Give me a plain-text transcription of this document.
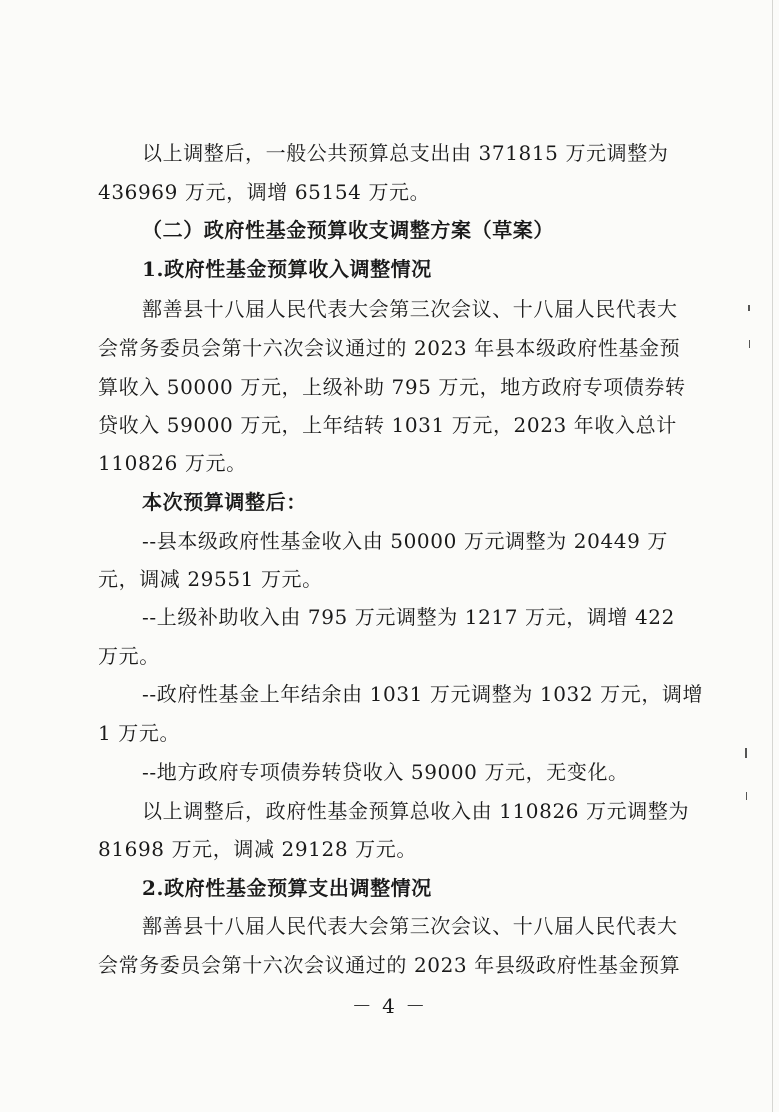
以上调整后，一般公共预算总支出由 371815 万元调整为
436969 万元，调增 65154 万元。
（二）政府性基金预算收支调整方案（草案）
1.政府性基金预算收入调整情况
鄯善县十八届人民代表大会第三次会议、十八届人民代表大
会常务委员会第十六次会议通过的 2023 年县本级政府性基金预
算收入 50000 万元，上级补助 795 万元，地方政府专项债券转
贷收入 59000 万元，上年结转 1031 万元，2023 年收入总计
110826 万元。
本次预算调整后：
--县本级政府性基金收入由 50000 万元调整为 20449 万
元，调减 29551 万元。
--上级补助收入由 795 万元调整为 1217 万元，调增 422
万元。
--政府性基金上年结余由 1031 万元调整为 1032 万元，调增
1 万元。
--地方政府专项债券转贷收入 59000 万元，无变化。
以上调整后，政府性基金预算总收入由 110826 万元调整为
81698 万元，调减 29128 万元。
2.政府性基金预算支出调整情况
鄯善县十八届人民代表大会第三次会议、十八届人民代表大
会常务委员会第十六次会议通过的 2023 年县级政府性基金预算
－ 4 －
